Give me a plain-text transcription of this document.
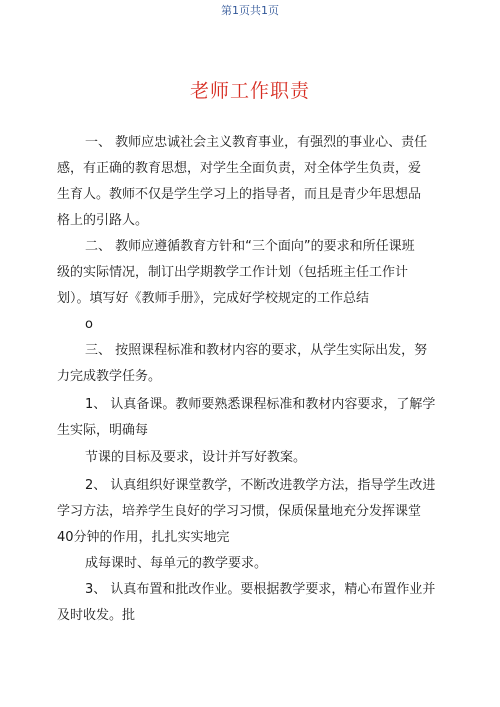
第1页共1页
老师工作职责
一、 教师应忠诚社会主义教育事业，有强烈的事业心、责任
感，有正确的教育思想，对学生全面负责，对全体学生负责，爱
生育人。教师不仅是学生学习上的指导者，而且是青少年思想品
格上的引路人。
二、 教师应遵循教育方针和“三个面向”的要求和所任课班
级的实际情况，制订出学期教学工作计划（包括班主任工作计
划）。填写好《教师手册》，完成好学校规定的工作总结
o
三、 按照课程标准和教材内容的要求，从学生实际出发，努
力完成教学任务。
1、 认真备课。教师要熟悉课程标准和教材内容要求，了解学
生实际，明确每
节课的目标及要求，设计并写好教案。
2、 认真组织好课堂教学，不断改进教学方法，指导学生改进
学习方法，培养学生良好的学习习惯，保质保量地充分发挥课堂
40分钟的作用，扎扎实实地完
成每课时、每单元的教学要求。
3、 认真布置和批改作业。要根据教学要求，精心布置作业并
及时收发。批
